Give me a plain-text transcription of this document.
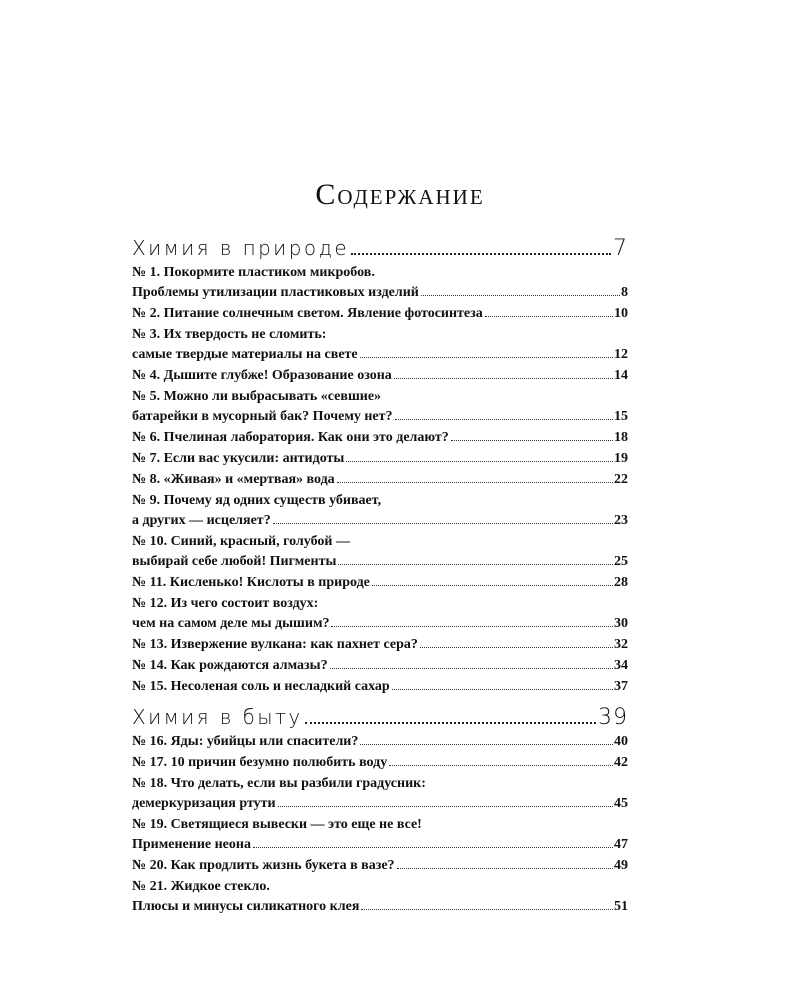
Содержание
Химия в природе	7
№ 1. Покормите пластиком микробов.
Проблемы утилизации пластиковых изделий	8
№ 2. Питание солнечным светом. Явление фотосинтеза	10
№ 3. Их твердость не сломить:
самые твердые материалы на свете	12
№ 4. Дышите глубже! Образование озона	14
№ 5. Можно ли выбрасывать «севшие»
батарейки в мусорный бак? Почему нет?	15
№ 6. Пчелиная лаборатория. Как они это делают?	18
№ 7. Если вас укусили: антидоты	19
№ 8. «Живая» и «мертвая» вода	22
№ 9. Почему яд одних существ убивает,
а других — исцеляет?	23
№ 10. Синий, красный, голубой —
выбирай себе любой! Пигменты	25
№ 11. Кисленько! Кислоты в природе	28
№ 12. Из чего состоит воздух:
чем на самом деле мы дышим?	30
№ 13. Извержение вулкана: как пахнет сера?	32
№ 14. Как рождаются алмазы?	34
№ 15. Несоленая соль и несладкий сахар	37
Химия в быту	39
№ 16. Яды: убийцы или спасители?	40
№ 17. 10 причин безумно полюбить воду	42
№ 18. Что делать, если вы разбили градусник:
демеркуризация ртути	45
№ 19. Светящиеся вывески — это еще не все!
Применение неона	47
№ 20. Как продлить жизнь букета в вазе?	49
№ 21. Жидкое стекло.
Плюсы и минусы силикатного клея	51
